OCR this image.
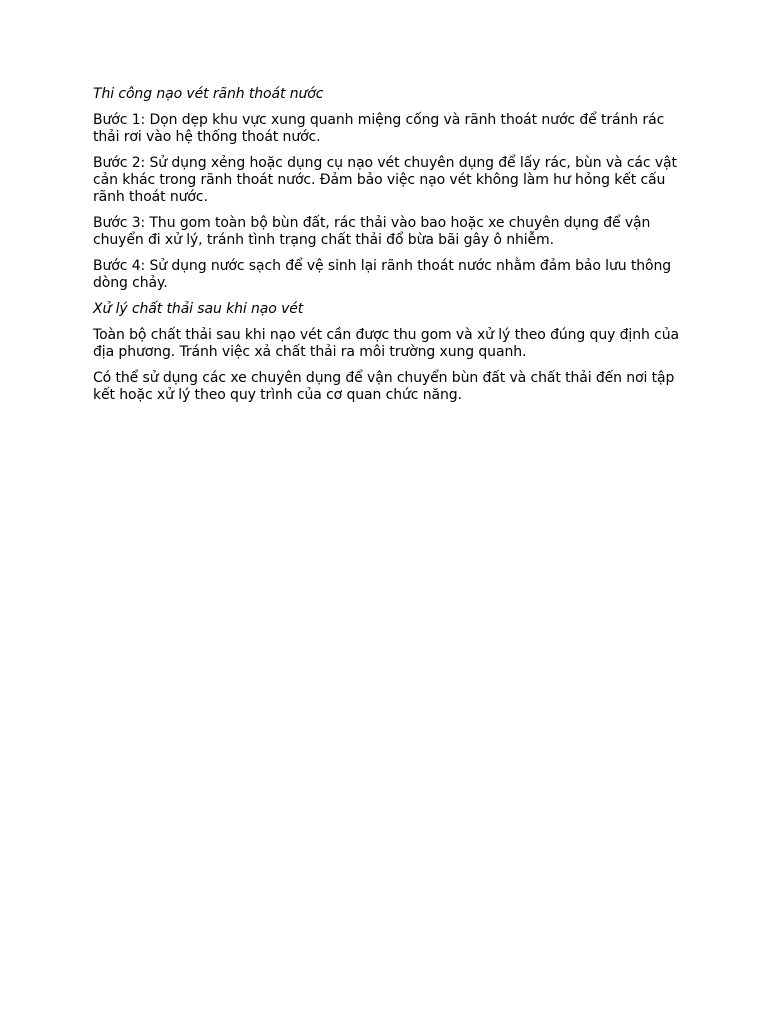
Thi công nạo vét rãnh thoát nước

Bước 1: Dọn dẹp khu vực xung quanh miệng cống và rãnh thoát nước để tránh rác thải rơi vào hệ thống thoát nước.

Bước 2: Sử dụng xẻng hoặc dụng cụ nạo vét chuyên dụng để lấy rác, bùn và các vật cản khác trong rãnh thoát nước. Đảm bảo việc nạo vét không làm hư hỏng kết cấu rãnh thoát nước.

Bước 3: Thu gom toàn bộ bùn đất, rác thải vào bao hoặc xe chuyên dụng để vận chuyển đi xử lý, tránh tình trạng chất thải đổ bừa bãi gây ô nhiễm.

Bước 4: Sử dụng nước sạch để vệ sinh lại rãnh thoát nước nhằm đảm bảo lưu thông dòng chảy.

Xử lý chất thải sau khi nạo vét

Toàn bộ chất thải sau khi nạo vét cần được thu gom và xử lý theo đúng quy định của địa phương. Tránh việc xả chất thải ra môi trường xung quanh.

Có thể sử dụng các xe chuyên dụng để vận chuyển bùn đất và chất thải đến nơi tập kết hoặc xử lý theo quy trình của cơ quan chức năng.
